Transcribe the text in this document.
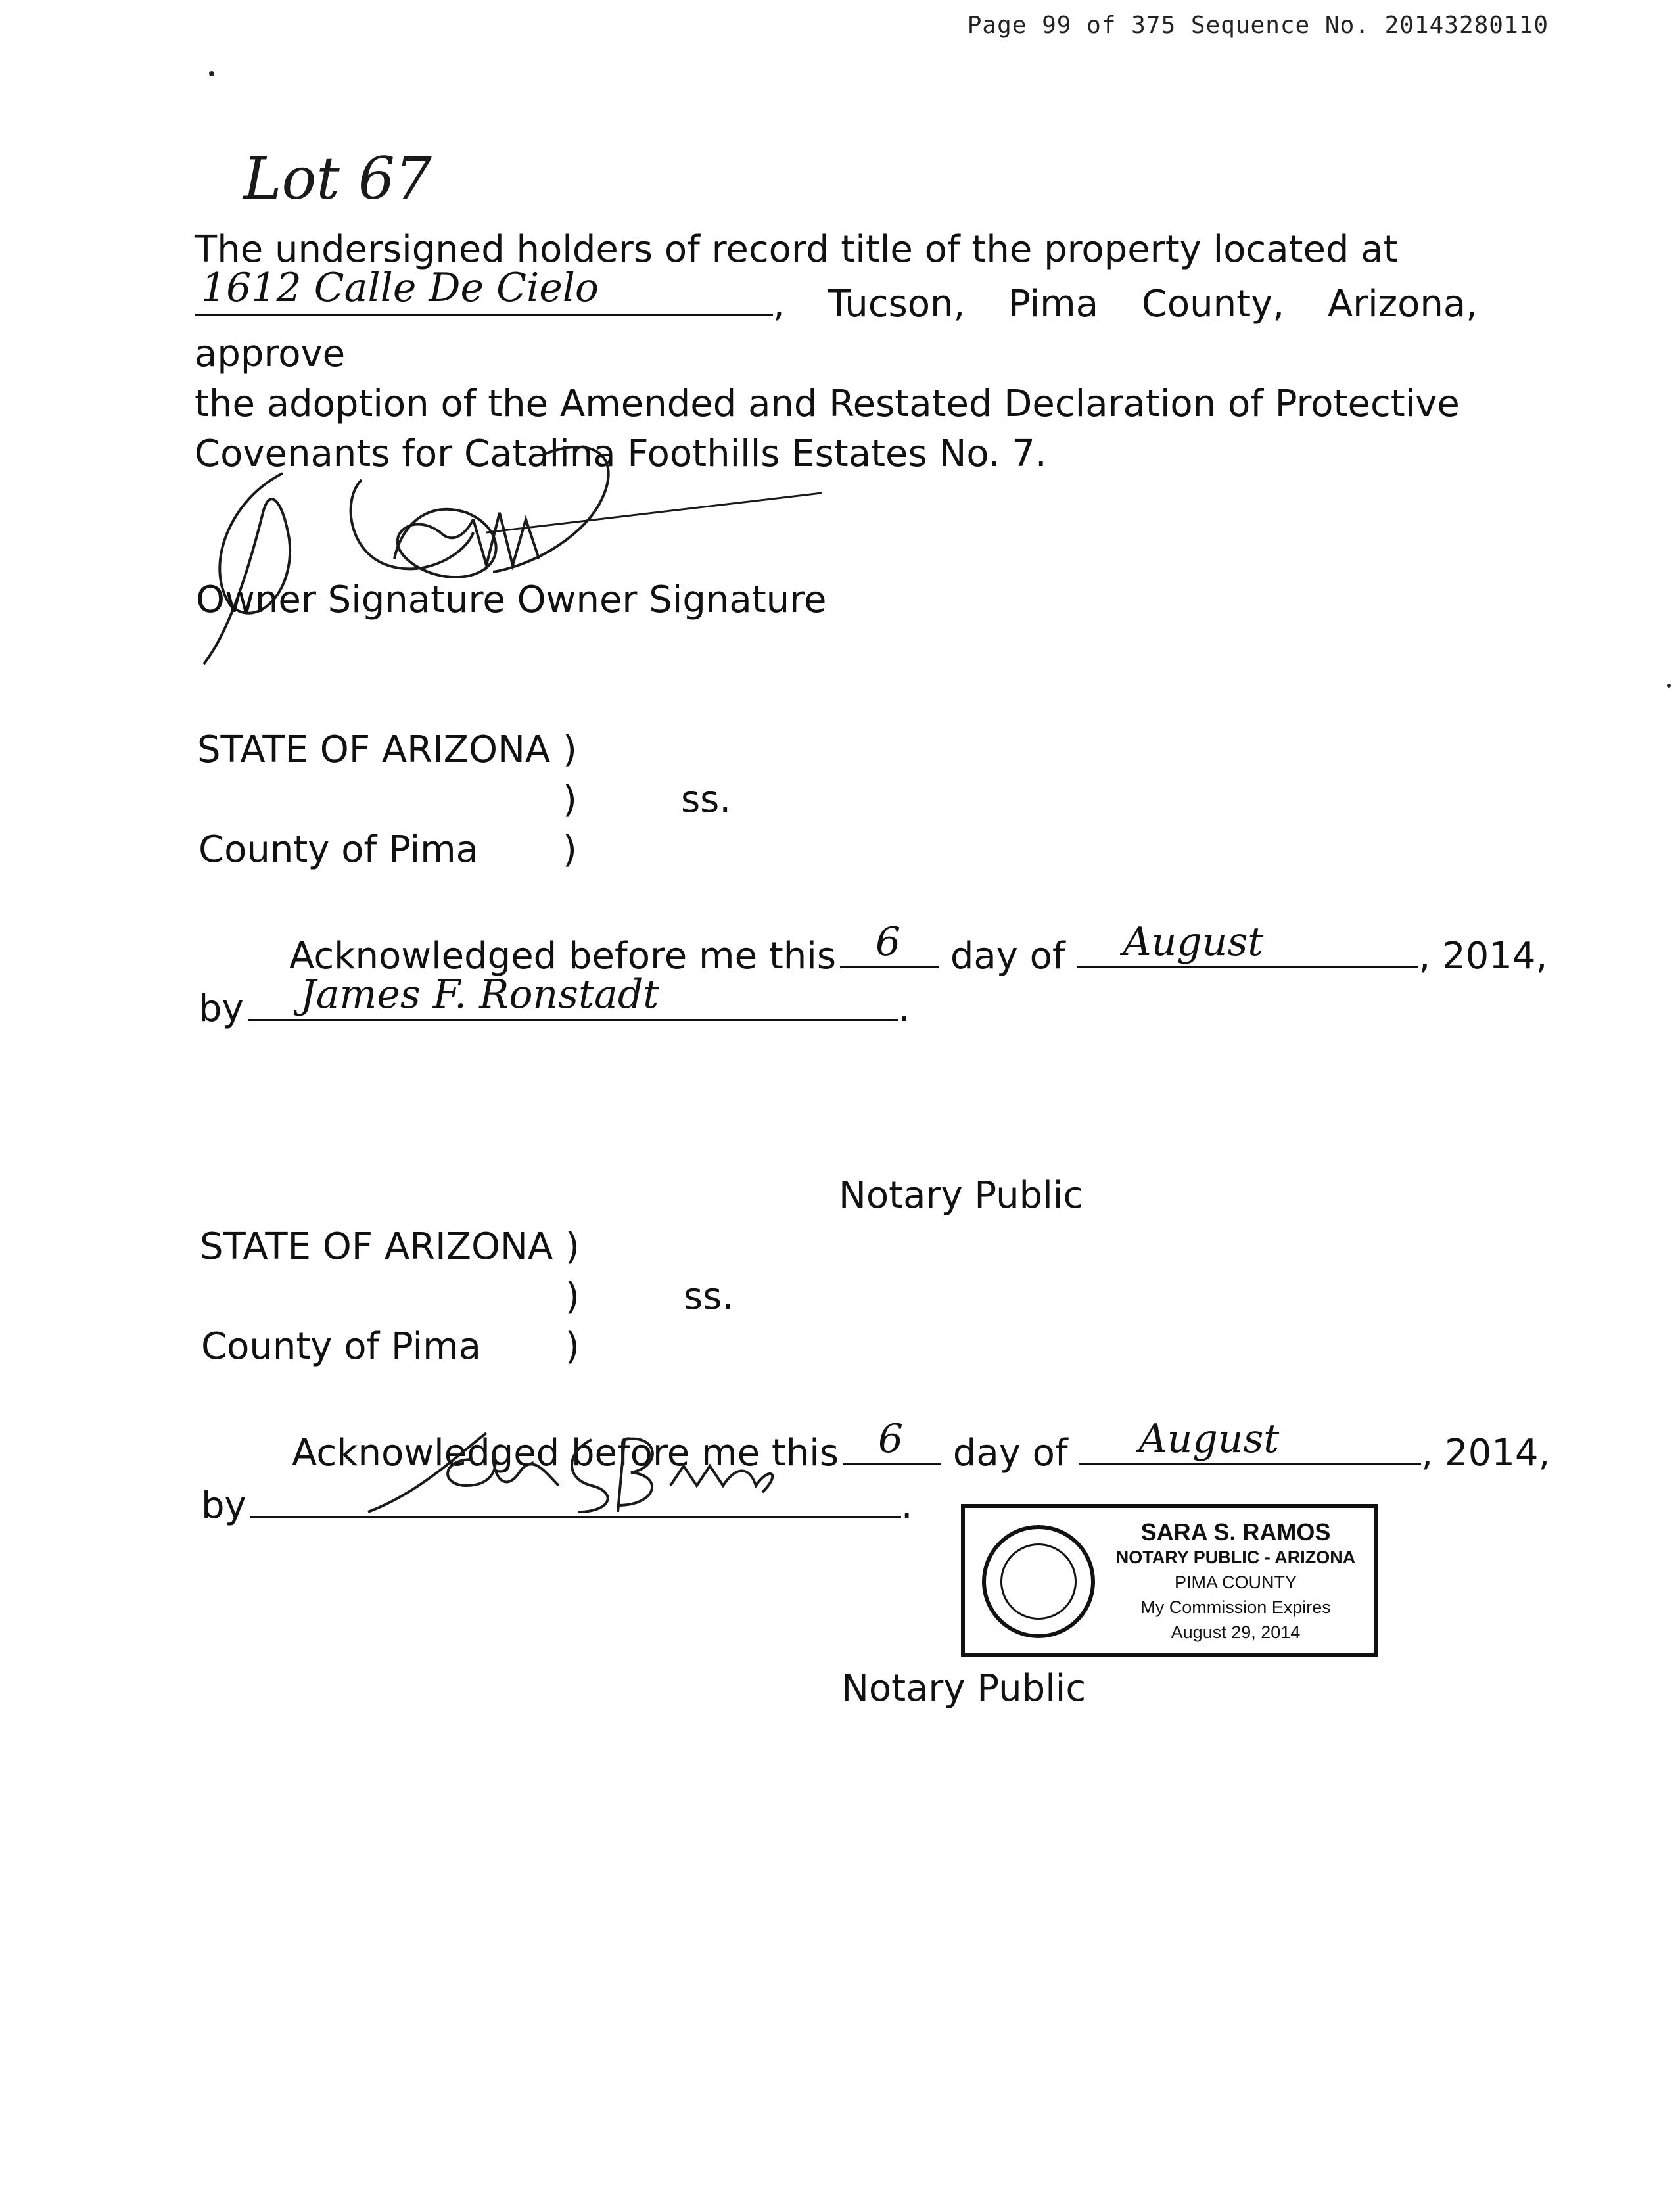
Page 99 of 375 Sequence No. 20143280110
Lot 67
The undersigned holders of record title of the property located at
1612 Calle De Cielo	, Tucson, Pima County, Arizona, approve
the adoption of the Amended and Restated Declaration of Protective
Covenants for Catalina Foothills Estates No. 7.
Owner Signature Owner Signature
STATE OF ARIZONA )
)	ss.
County of Pima )
Acknowledged before me this 6 day of August	, 2014,
by James F. Ronstadt	.
Notary Public
STATE OF ARIZONA )
)	ss.
County of Pima )
Acknowledged before me this 6 day of August	, 2014,
by	.
SARA S. RAMOS
NOTARY PUBLIC - ARIZONA
PIMA COUNTY
My Commission Expires
August 29, 2014
Notary Public
